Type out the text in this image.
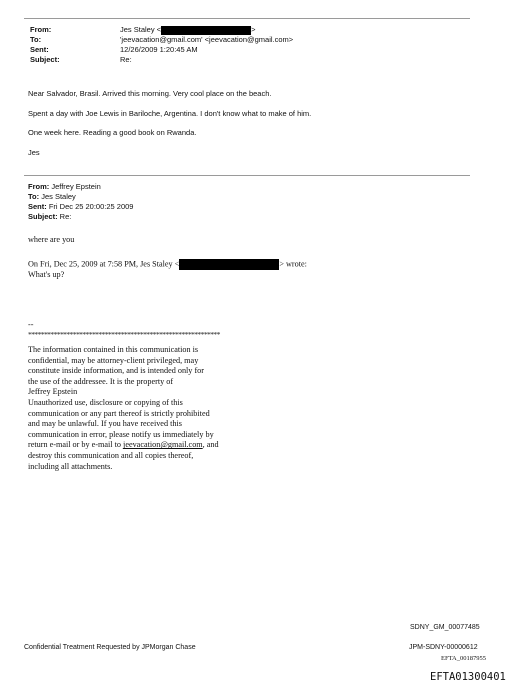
From:	Jes Staley <	>
To:	'jeevacation@gmail.com' <jeevacation@gmail.com>
Sent:	12/26/2009 1:20:45 AM
Subject:	Re:
Near Salvador, Brasil. Arrived this morning. Very cool place on the beach.
Spent a day with Joe Lewis in Bariloche, Argentina. I don't know what to make of him.
One week here. Reading a good book on Rwanda.
Jes
From: Jeffrey Epstein
To: Jes Staley
Sent: Fri Dec 25 20:00:25 2009
Subject: Re:
where are you
On Fri, Dec 25, 2009 at 7:58 PM, Jes Staley <	> wrote:
What's up?
--
************************************************************
The information contained in this communication is
confidential, may be attorney-client privileged, may
constitute inside information, and is intended only for
the use of the addressee. It is the property of
Jeffrey Epstein
Unauthorized use, disclosure or copying of this
communication or any part thereof is strictly prohibited
and may be unlawful. If you have received this
communication in error, please notify us immediately by
return e-mail or by e-mail to jeevacation@gmail.com, and
destroy this communication and all copies thereof,
including all attachments.
SDNY_GM_00077485
Confidential Treatment Requested by JPMorgan Chase	JPM-SDNY-00000612
EFTA_00187955
EFTA01300401
